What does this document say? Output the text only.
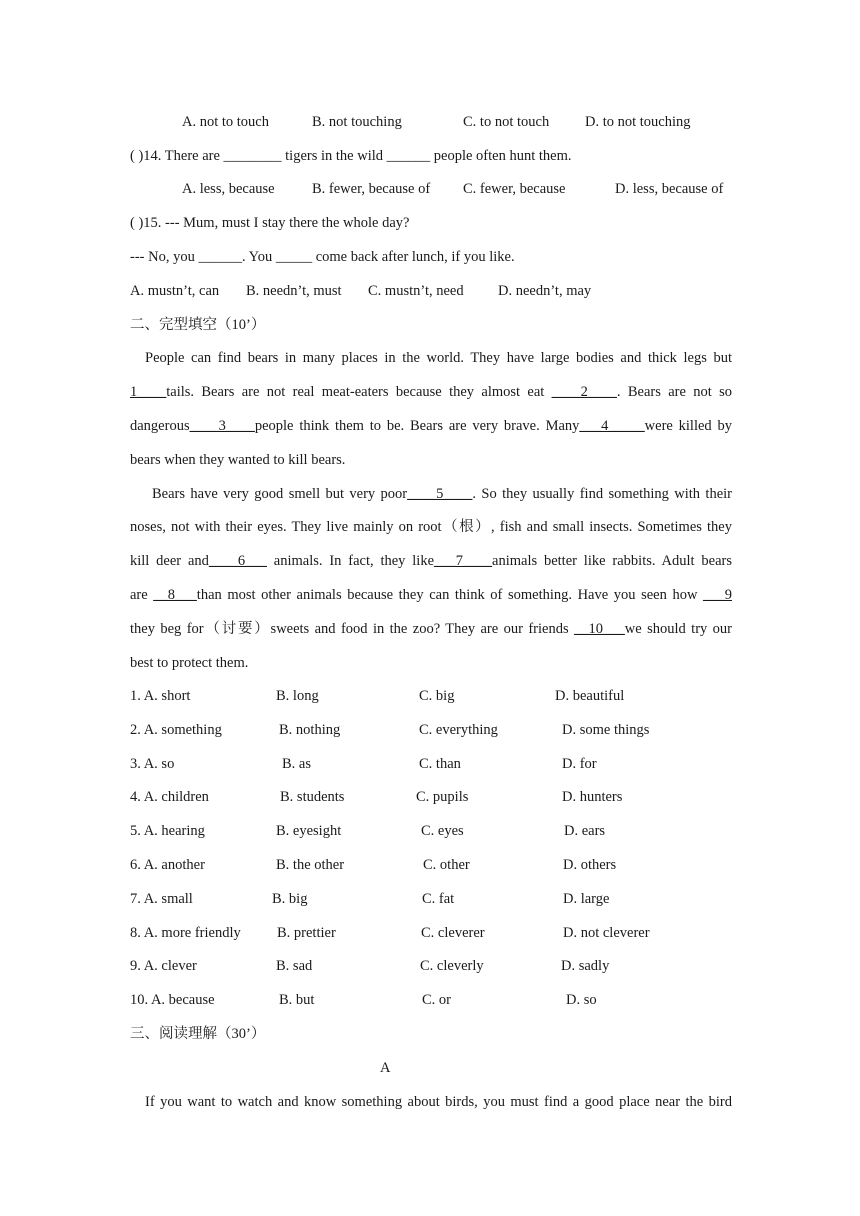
A. not to touch	B. not touching	C. to not touch D. to not touching
( )14. There are ________ tigers in the wild ______ people often hunt them.
A. less, because	B. fewer, because of C. fewer, because	D. less, because of
( )15. --- Mum, must I stay there the whole day?
--- No, you ______. You _____ come back after lunch, if you like.
A. mustn’t, can B. needn’t, must C. mustn’t, need D. needn’t, may
二、完型填空（10’）
People can find bears in many places in the world. They have large bodies and thick legs but
1____tails. Bears are not real meat-eaters because they almost eat ____2____. Bears are not so
dangerous____3____people think them to be. Bears are very brave. Many___4_____were killed by
bears when they wanted to kill bears.
Bears have very good smell but very poor____5____. So they usually find something with their
noses, not with their eyes. They live mainly on root（根）, fish and small insects. Sometimes they
kill deer and____6___ animals. In fact, they like___7____animals better like rabbits. Adult bears
are __8___than most other animals because they can think of something. Have you seen how ___9
they beg for（讨要）sweets and food in the zoo? They are our friends __10___we should try our
best to protect them.
1. A. short	B. long	C. big	D. beautiful
2. A. something	B. nothing	C. everything	D. some things
3. A. so	B. as	C. than	D. for
4. A. children	B. students	C. pupils	D. hunters
5. A. hearing	B. eyesight	C. eyes	D. ears
6. A. another	B. the other	C. other	D. others
7. A. small	B. big	C. fat	D. large
8. A. more friendly	B. prettier	C. cleverer	D. not cleverer
9. A. clever	B. sad	C. cleverly	D. sadly
10. A. because	B. but	C. or	D. so
三、阅读理解（30’）
A
If you want to watch and know something about birds, you must find a good place near the bird
